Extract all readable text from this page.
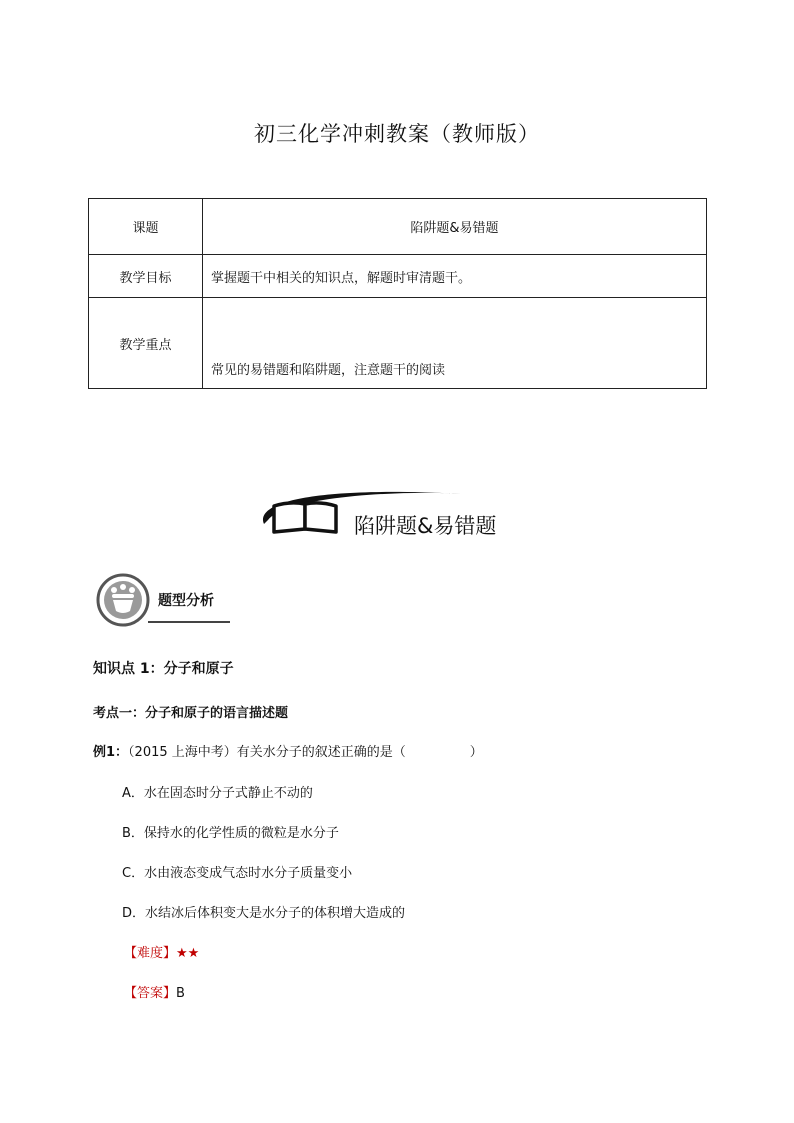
初三化学冲刺教案（教师版）
课题	陷阱题&易错题
教学目标	掌握题干中相关的知识点，解题时审清题干。
教学重点	常见的易错题和陷阱题，注意题干的阅读
陷阱题&易错题
题型分析
知识点 1：分子和原子
考点一：分子和原子的语言描述题
例1：（2015 上海中考）有关水分子的叙述正确的是（	）
A．水在固态时分子式静止不动的
B．保持水的化学性质的微粒是水分子
C．水由液态变成气态时水分子质量变小
D．水结冰后体积变大是水分子的体积增大造成的
【难度】★★
【答案】B
